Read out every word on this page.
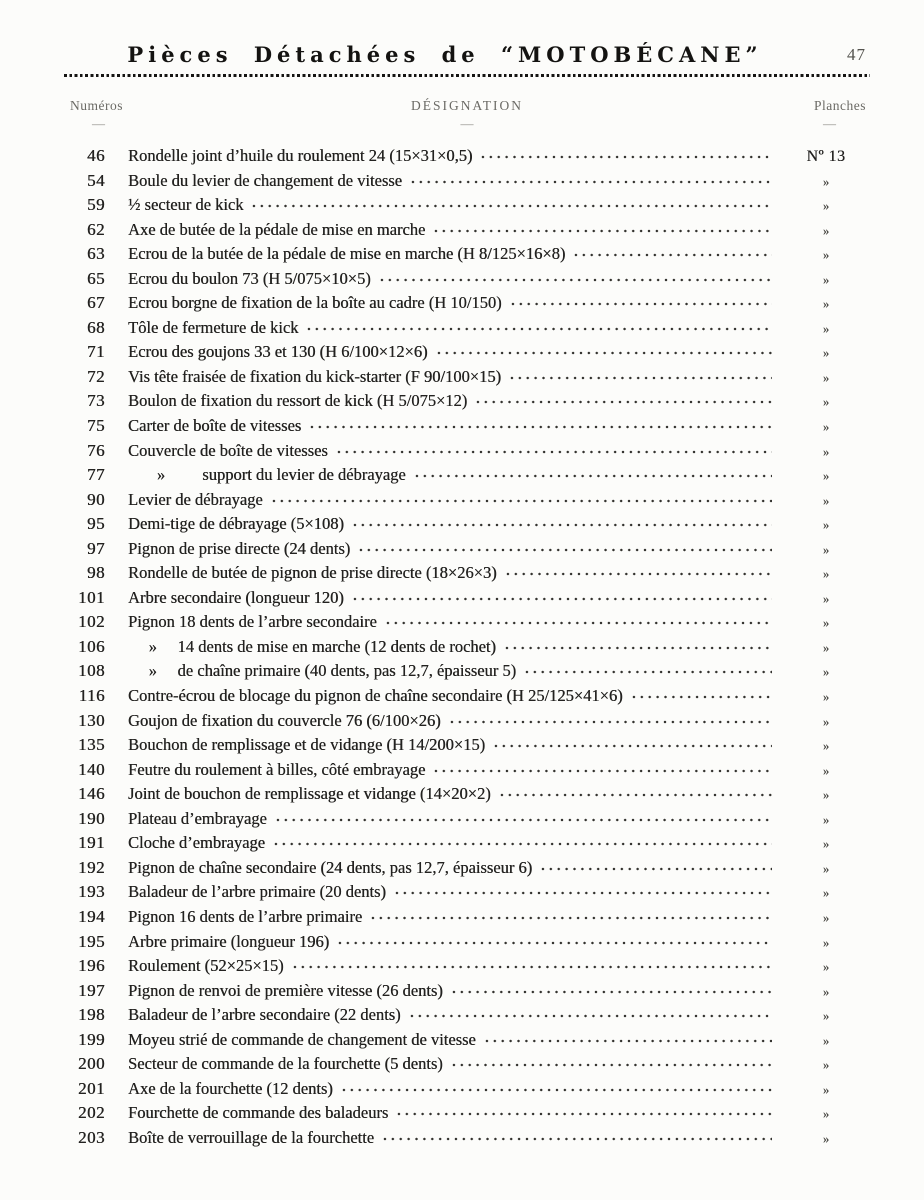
Pièces Détachées de “MOTOBÉCANE”	47
Numéros
—
DÉSIGNATION
—
Planches
—
46 Rondelle joint d’huile du roulement 24 (15×31×0,5)	Nº 13
54 Boule du levier de changement de vitesse	»
59 ½ secteur de kick	»
62 Axe de butée de la pédale de mise en marche	»
63 Ecrou de la butée de la pédale de mise en marche (H 8/125×16×8)	»
65 Ecrou du boulon 73 (H 5/075×10×5)	»
67 Ecrou borgne de fixation de la boîte au cadre (H 10/150)	»
68 Tôle de fermeture de kick	»
71 Ecrou des goujons 33 et 130 (H 6/100×12×6)	»
72 Vis tête fraisée de fixation du kick-starter (F 90/100×15)	»
73 Boulon de fixation du ressort de kick (H 5/075×12)	»
75 Carter de boîte de vitesses	»
76 Couvercle de boîte de vitesses	»
77 »         support du levier de débrayage	»
90 Levier de débrayage	»
95 Demi-tige de débrayage (5×108)	»
97 Pignon de prise directe (24 dents)	»
98 Rondelle de butée de pignon de prise directe (18×26×3)	»
101 Arbre secondaire (longueur 120)	»
102 Pignon 18 dents de l’arbre secondaire	»
106 »     14 dents de mise en marche (12 dents de rochet)	»
108 »     de chaîne primaire (40 dents, pas 12,7, épaisseur 5)	»
116 Contre-écrou de blocage du pignon de chaîne secondaire (H 25/125×41×6)	»
130 Goujon de fixation du couvercle 76 (6/100×26)	»
135 Bouchon de remplissage et de vidange (H 14/200×15)	»
140 Feutre du roulement à billes, côté embrayage	»
146 Joint de bouchon de remplissage et vidange (14×20×2)	»
190 Plateau d’embrayage	»
191 Cloche d’embrayage	»
192 Pignon de chaîne secondaire (24 dents, pas 12,7, épaisseur 6)	»
193 Baladeur de l’arbre primaire (20 dents)	»
194 Pignon 16 dents de l’arbre primaire	»
195 Arbre primaire (longueur 196)	»
196 Roulement (52×25×15)	»
197 Pignon de renvoi de première vitesse (26 dents)	»
198 Baladeur de l’arbre secondaire (22 dents)	»
199 Moyeu strié de commande de changement de vitesse	»
200 Secteur de commande de la fourchette (5 dents)	»
201 Axe de la fourchette (12 dents)	»
202 Fourchette de commande des baladeurs	»
203 Boîte de verrouillage de la fourchette	»
